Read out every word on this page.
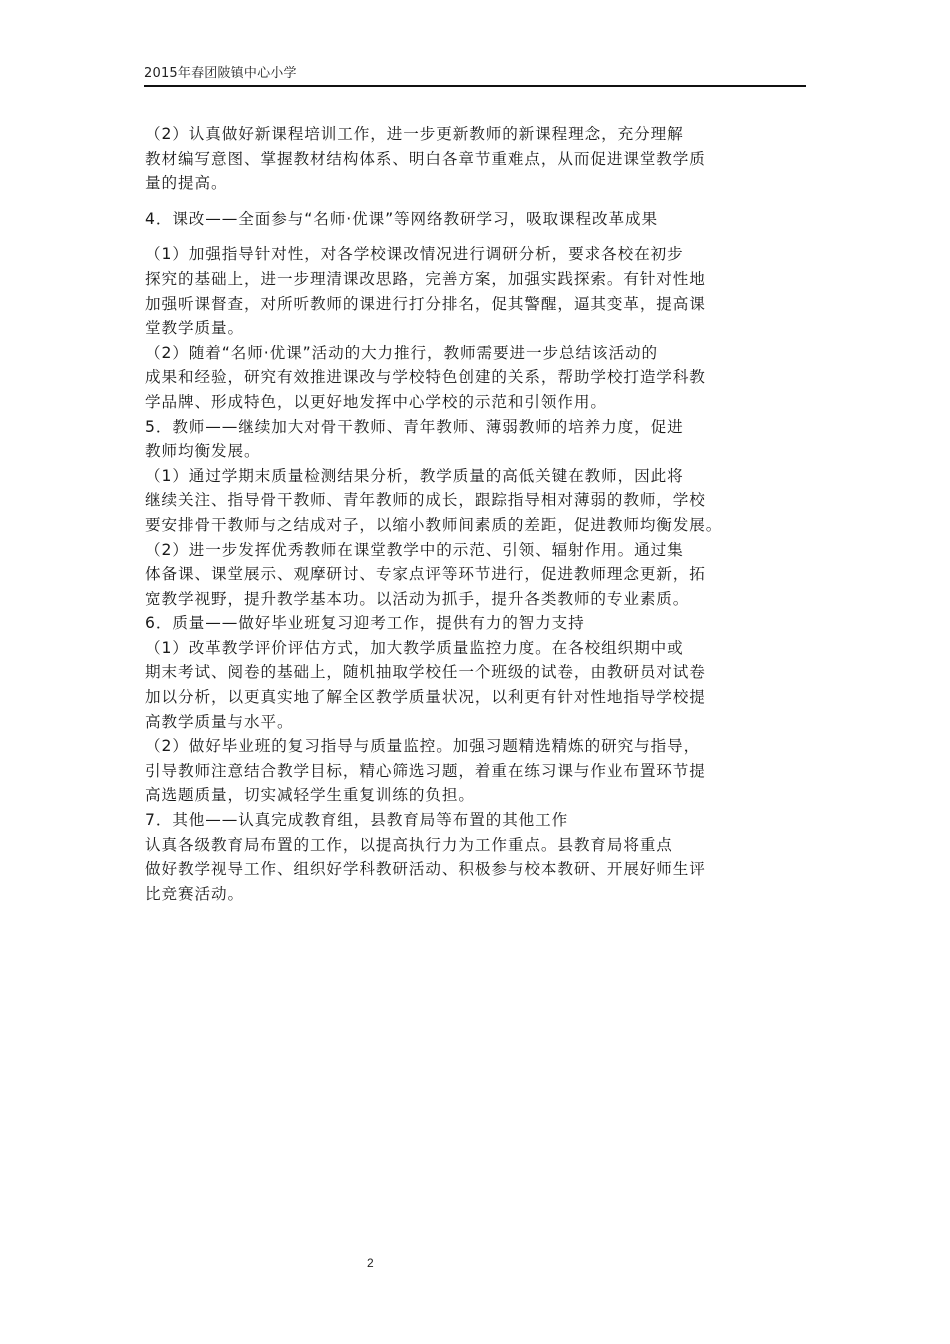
2015年春团陂镇中心小学
（2）认真做好新课程培训工作，进一步更新教师的新课程理念，充分理解
教材编写意图、掌握教材结构体系、明白各章节重难点，从而促进课堂教学质
量的提高。
4．课改——全面参与“名师·优课”等网络教研学习，吸取课程改革成果
（1）加强指导针对性，对各学校课改情况进行调研分析，要求各校在初步
探究的基础上，进一步理清课改思路，完善方案，加强实践探索。有针对性地
加强听课督查，对所听教师的课进行打分排名，促其警醒，逼其变革，提高课
堂教学质量。
（2）随着“名师·优课”活动的大力推行，教师需要进一步总结该活动的
成果和经验，研究有效推进课改与学校特色创建的关系，帮助学校打造学科教
学品牌、形成特色，以更好地发挥中心学校的示范和引领作用。
5．教师——继续加大对骨干教师、青年教师、薄弱教师的培养力度，促进
教师均衡发展。
（1）通过学期末质量检测结果分析，教学质量的高低关键在教师，因此将
继续关注、指导骨干教师、青年教师的成长，跟踪指导相对薄弱的教师，学校
要安排骨干教师与之结成对子，以缩小教师间素质的差距，促进教师均衡发展。
（2）进一步发挥优秀教师在课堂教学中的示范、引领、辐射作用。通过集
体备课、课堂展示、观摩研讨、专家点评等环节进行，促进教师理念更新，拓
宽教学视野，提升教学基本功。以活动为抓手，提升各类教师的专业素质。
6．质量——做好毕业班复习迎考工作，提供有力的智力支持
（1）改革教学评价评估方式，加大教学质量监控力度。在各校组织期中或
期末考试、阅卷的基础上，随机抽取学校任一个班级的试卷，由教研员对试卷
加以分析，以更真实地了解全区教学质量状况，以利更有针对性地指导学校提
高教学质量与水平。
（2）做好毕业班的复习指导与质量监控。加强习题精选精炼的研究与指导，
引导教师注意结合教学目标，精心筛选习题，着重在练习课与作业布置环节提
高选题质量，切实减轻学生重复训练的负担。
7．其他——认真完成教育组，县教育局等布置的其他工作
认真各级教育局布置的工作，以提高执行力为工作重点。县教育局将重点
做好教学视导工作、组织好学科教研活动、积极参与校本教研、开展好师生评
比竞赛活动。
2
